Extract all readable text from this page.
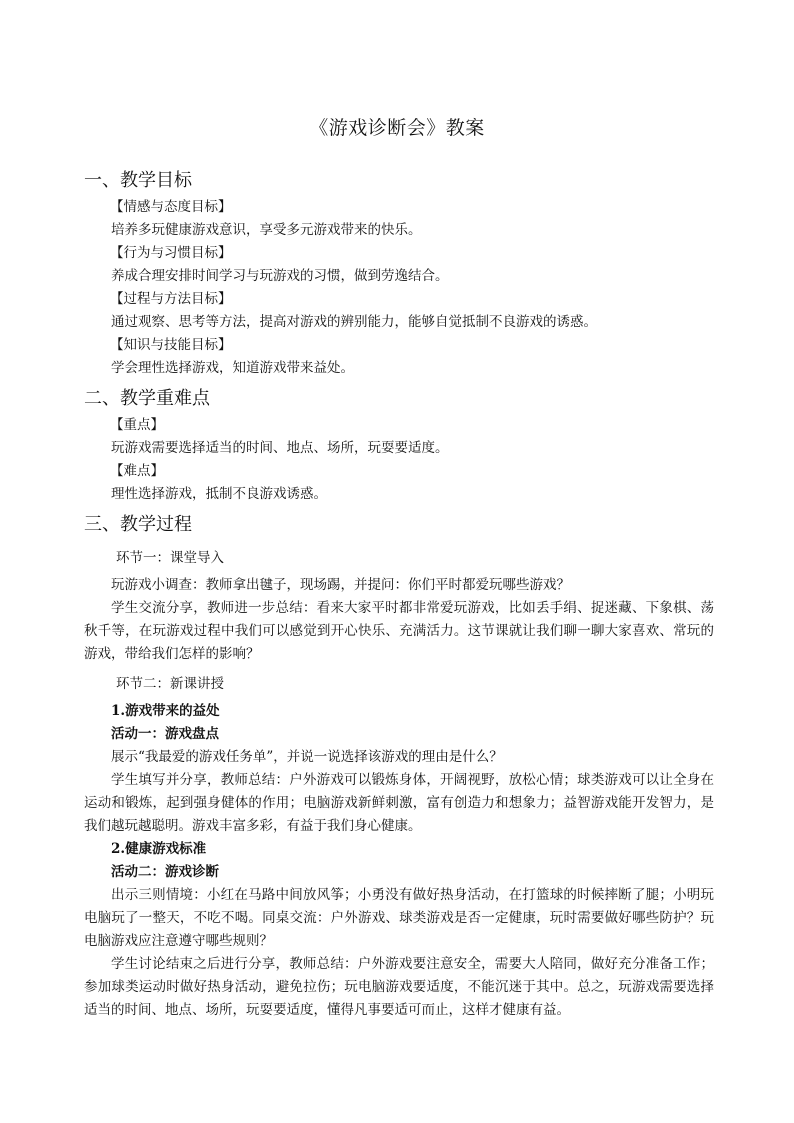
《游戏诊断会》教案
一、教学目标
【情感与态度目标】
培养多玩健康游戏意识，享受多元游戏带来的快乐。
【行为与习惯目标】
养成合理安排时间学习与玩游戏的习惯，做到劳逸结合。
【过程与方法目标】
通过观察、思考等方法，提高对游戏的辨别能力，能够自觉抵制不良游戏的诱惑。
【知识与技能目标】
学会理性选择游戏，知道游戏带来益处。
二、教学重难点
【重点】
玩游戏需要选择适当的时间、地点、场所，玩耍要适度。
【难点】
理性选择游戏，抵制不良游戏诱惑。
三、教学过程
环节一：课堂导入
玩游戏小调查：教师拿出毽子，现场踢，并提问：你们平时都爱玩哪些游戏？
学生交流分享，教师进一步总结：看来大家平时都非常爱玩游戏，比如丢手绢、捉迷藏、下象棋、荡秋千等，在玩游戏过程中我们可以感觉到开心快乐、充满活力。这节课就让我们聊一聊大家喜欢、常玩的游戏，带给我们怎样的影响？
环节二：新课讲授
1.游戏带来的益处
活动一：游戏盘点
展示“我最爱的游戏任务单”，并说一说选择该游戏的理由是什么？
学生填写并分享，教师总结：户外游戏可以锻炼身体，开阔视野，放松心情；球类游戏可以让全身在运动和锻炼，起到强身健体的作用；电脑游戏新鲜刺激，富有创造力和想象力；益智游戏能开发智力，是我们越玩越聪明。游戏丰富多彩，有益于我们身心健康。
2.健康游戏标准
活动二：游戏诊断
出示三则情境：小红在马路中间放风筝；小勇没有做好热身活动，在打篮球的时候摔断了腿；小明玩电脑玩了一整天，不吃不喝。同桌交流：户外游戏、球类游戏是否一定健康，玩时需要做好哪些防护？玩电脑游戏应注意遵守哪些规则？
学生讨论结束之后进行分享，教师总结：户外游戏要注意安全，需要大人陪同，做好充分准备工作；参加球类运动时做好热身活动，避免拉伤；玩电脑游戏要适度，不能沉迷于其中。总之，玩游戏需要选择适当的时间、地点、场所，玩耍要适度，懂得凡事要适可而止，这样才健康有益。
